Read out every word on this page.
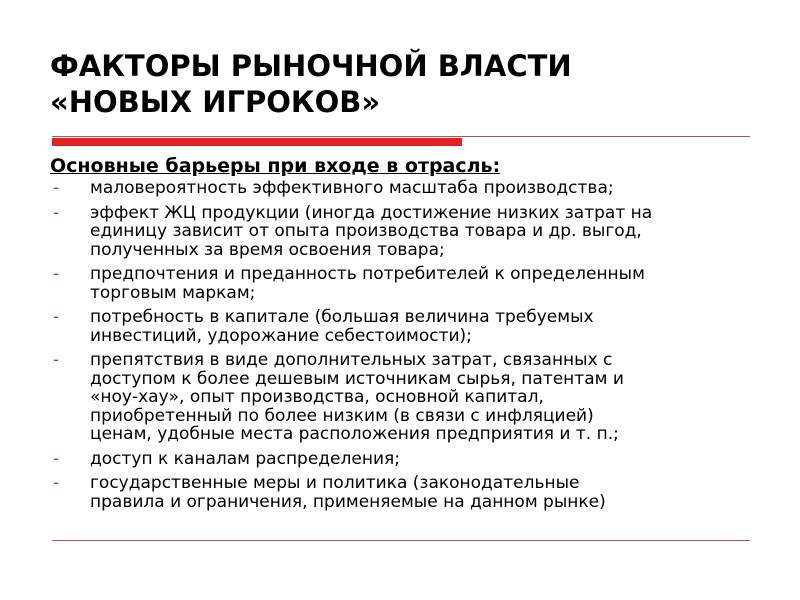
ФАКТОРЫ РЫНОЧНОЙ ВЛАСТИ
«НОВЫХ ИГРОКОВ»
Основные барьеры при входе в отрасль:
- маловероятность эффективного масштаба производства;
- эффект ЖЦ продукции (иногда достижение низких затрат на
единицу зависит от опыта производства товара и др. выгод,
полученных за время освоения товара;
- предпочтения и преданность потребителей к определенным
торговым маркам;
- потребность в капитале (большая величина требуемых
инвестиций, удорожание себестоимости);
- препятствия в виде дополнительных затрат, связанных с
доступом к более дешевым источникам сырья, патентам и
«ноу-хау», опыт производства, основной капитал,
приобретенный по более низким (в связи с инфляцией)
ценам, удобные места расположения предприятия и т. п.;
- доступ к каналам распределения;
- государственные меры и политика (законодательные
правила и ограничения, применяемые на данном рынке)
